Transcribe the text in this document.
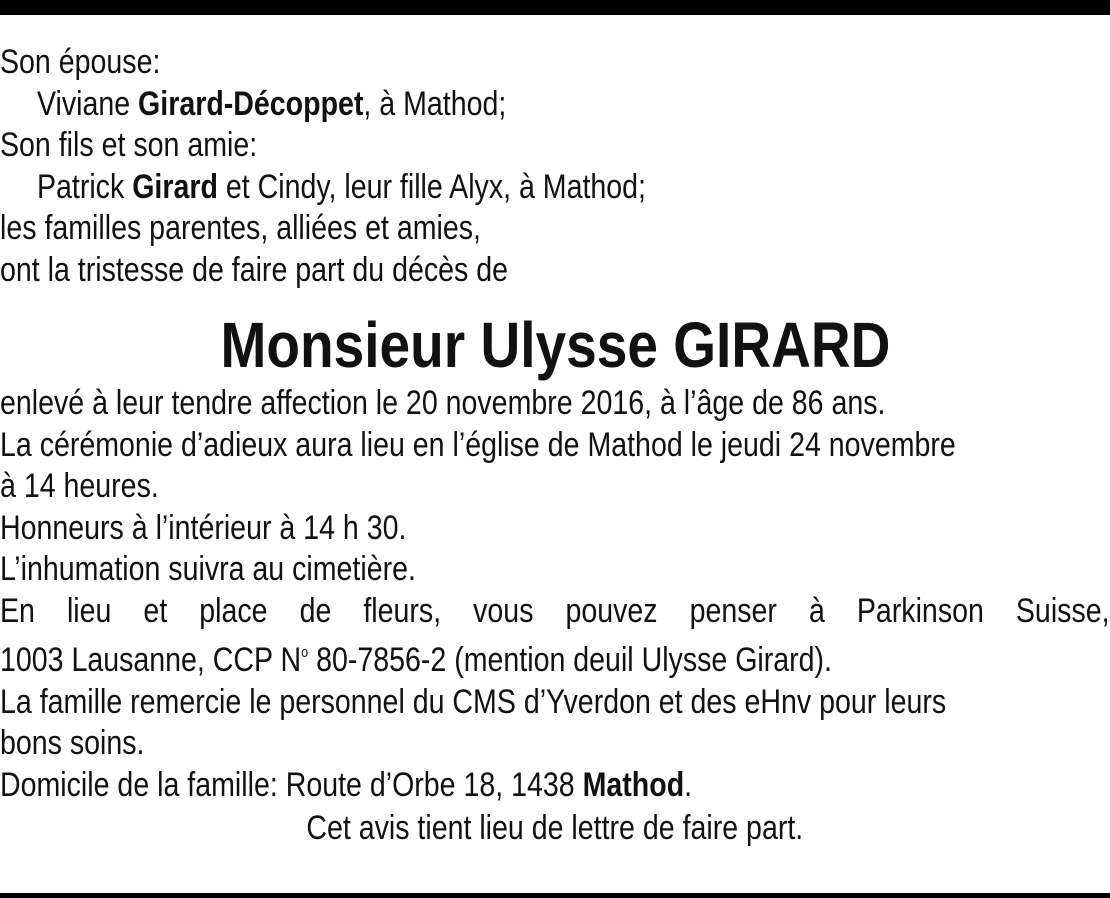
Son épouse:
Viviane Girard-Décoppet, à Mathod;
Son fils et son amie:
Patrick Girard et Cindy, leur fille Alyx, à Mathod;
les familles parentes, alliées et amies,
ont la tristesse de faire part du décès de
Monsieur Ulysse GIRARD
enlevé à leur tendre affection le 20 novembre 2016, à l’âge de 86 ans.
La cérémonie d’adieux aura lieu en l’église de Mathod le jeudi 24 novembre
à 14 heures.
Honneurs à l’intérieur à 14 h 30.
L’inhumation suivra au cimetière.
En lieu et place de fleurs, vous pouvez penser à Parkinson Suisse,
1003 Lausanne, CCP $N^o$ 80-7856-2 (mention deuil Ulysse Girard).
La famille remercie le personnel du CMS d’Yverdon et des eHnv pour leurs
bons soins.
Domicile de la famille: Route d’Orbe 18, 1438 Mathod.
Cet avis tient lieu de lettre de faire part.
